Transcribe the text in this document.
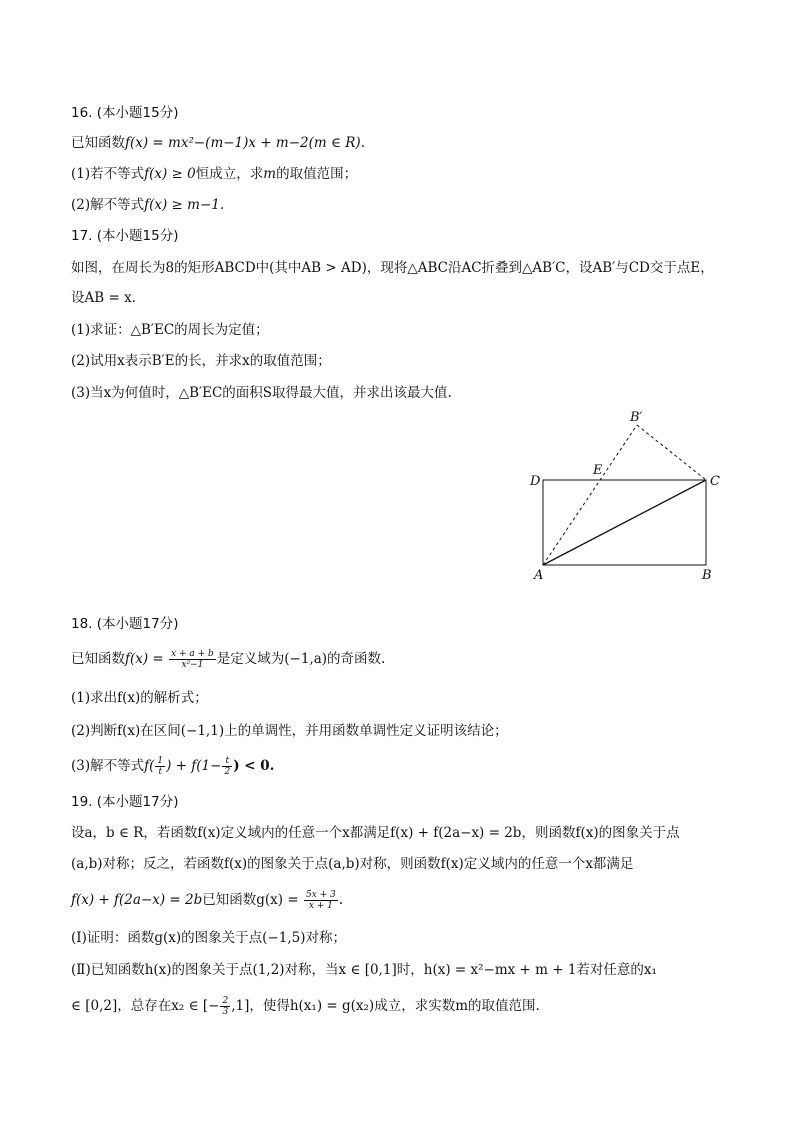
16. (本小题15分)
已知函数f(x) = mx²−(m−1)x + m−2(m ∈ R).
(1)若不等式f(x) ≥ 0恒成立，求m的取值范围；
(2)解不等式f(x) ≥ m−1.
17. (本小题15分)
如图，在周长为8的矩形ABCD中(其中AB > AD)，现将△ABC沿AC折叠到△AB′C，设AB′与CD交于点E，
设AB = x.
(1)求证：△B′EC的周长为定值；
(2)试用x表示B′E的长，并求x的取值范围；
(3)当x为何值时，△B′EC的面积S取得最大值，并求出该最大值.
D
E
C
B′
A	B
18. (本小题17分)
已知函数$f(x) = \frac{x + a + b}{\text{x²−1}}$ 是定义域为(−1,a)的奇函数.
(1)求出f(x)的解析式；
(2)判断f(x)在区间(−1,1)上的单调性，并用函数单调性定义证明该结论；
(3)解不等式$f( \frac{1}{t}$ ) + $f(1- \frac{t}{2}$ ) < 0.
19. (本小题17分)
设a，b ∈ R，若函数f(x)定义域内的任意一个x都满足f(x) + f(2a−x) = 2b，则函数f(x)的图象关于点
(a,b)对称；反之，若函数f(x)的图象关于点(a,b)对称，则函数f(x)定义域内的任意一个x都满足
f(x) + f(2a−x) = 2b已知函数$g(x) = \frac{5x + 3}{x + 1}$ .
(Ⅰ)证明：函数g(x)的图象关于点(−1,5)对称；
(Ⅱ)已知函数h(x)的图象关于点(1,2)对称，当x ∈ [0,1]时，h(x) = x²−mx + m + 1若对任意的x₁
∈ [0,2]，总存在x₂ ∈ [− $\frac{2}{3} ,1$]，使得h(x₁) = g(x₂)成立，求实数m的取值范围.
